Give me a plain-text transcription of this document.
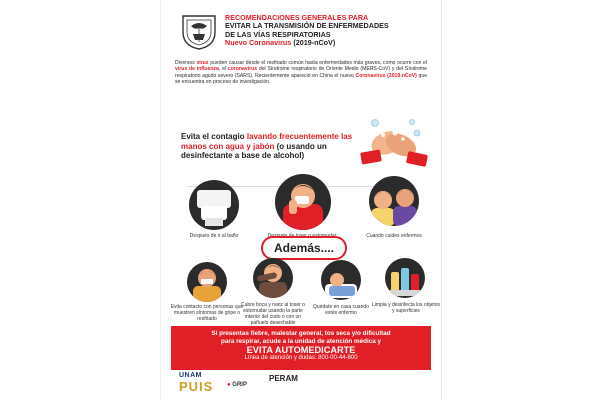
RECOMENDACIONES GENERALES PARA
EVITAR LA TRANSMISIÓN DE ENFERMEDADES
DE LAS VÍAS RESPIRATORIAS
Nuevo Coronavirus (2019-nCoV)
Diversos virus pueden causar desde el resfriado común hasta enfermedades más graves, como ocurre con el virus de influenza, el coronavirus del Síndrome respiratorio de Oriente Medio (MERS-CoV) y del Síndrome respiratorio agudo severo (SARS). Recientemente apareció en China el nuevo Coronavirus (2019-nCoV) que se encuentra en proceso de investigación.
Evita el contagio lavando frecuentemente las manos con agua y jabón (o usando un desinfectante a base de alcohol)
Después de ir al baño	Cuando cuides enfermos
Además....
Evita contacto con personas que muestren síntomas de gripe o resfriado
Cubre boca y nariz al toser o estornudar usando la parte interior del codo o con un pañuelo desechable
Quédate en casa cuando estés enfermo
Limpia y desinfecta los objetos y superficies
Si presentas fiebre, malestar general, tos seca y/o dificultad
para respirar, acude a la unidad de atención médica y
EVITA AUTOMEDICARTE
Línea de atención y dudas: 800-00-44-800
UNAM
PUIS ● GRIP
PERAM
